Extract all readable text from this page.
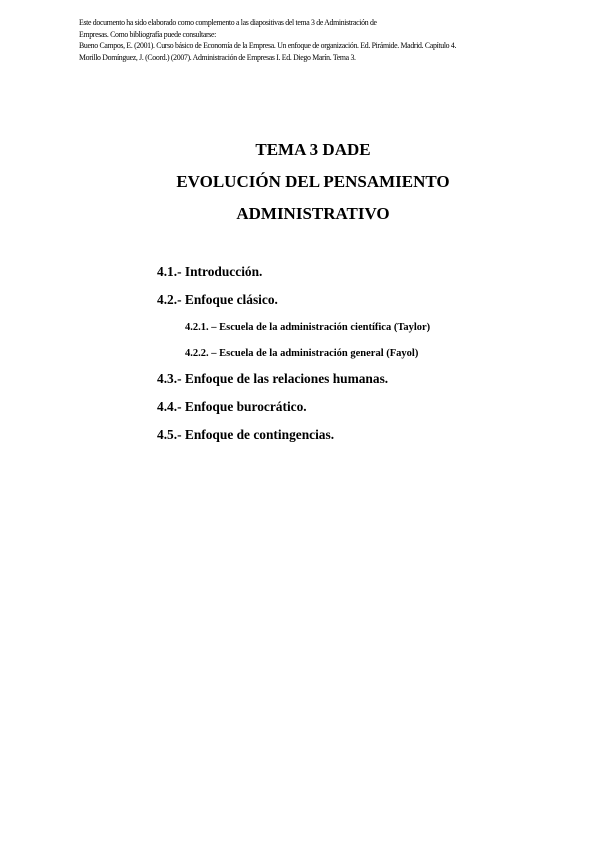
Este documento ha sido elaborado como complemento a las diapositivas del tema 3 de Administración de
Empresas. Como bibliografía puede consultarse:
Bueno Campos, E. (2001). Curso básico de Economía de la Empresa. Un enfoque de organización. Ed. Pirámide. Madrid. Capítulo 4.
Morillo Domínguez, J. (Coord.) (2007). Administración de Empresas I. Ed. Diego Marín. Tema 3.
TEMA 3 DADE
EVOLUCIÓN DEL PENSAMIENTO
ADMINISTRATIVO
4.1.- Introducción.
4.2.- Enfoque clásico.
4.2.1. – Escuela de la administración científica (Taylor)
4.2.2. – Escuela de la administración general (Fayol)
4.3.- Enfoque de las relaciones humanas.
4.4.- Enfoque burocrático.
4.5.- Enfoque de contingencias.
